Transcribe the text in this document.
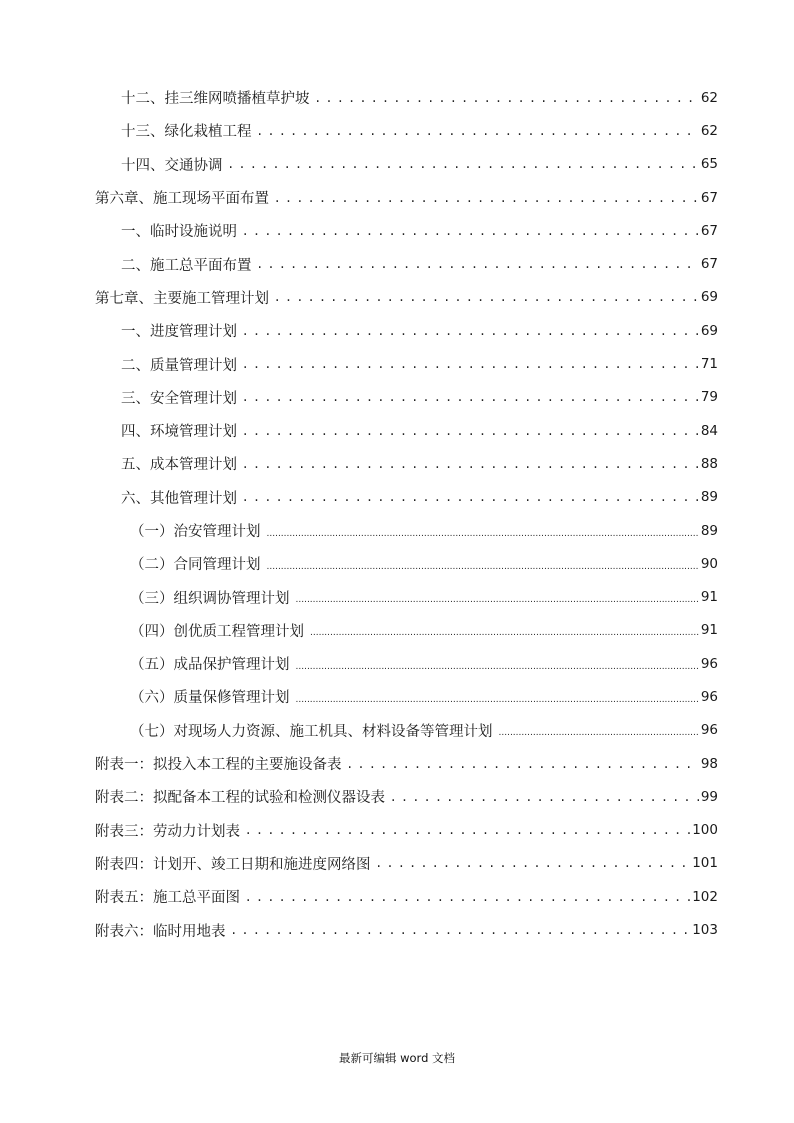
十二、挂三维网喷播植草护坡 . . .	62
十三、绿化栽植工程 . . .	62
十四、交通协调 . . .	65
第六章、施工现场平面布置 . . .	67
一、临时设施说明 . . .	67
二、施工总平面布置 . . .	67
第七章、主要施工管理计划 . . .	69
一、进度管理计划 . . .	69
二、质量管理计划 . . .	71
三、安全管理计划 . . .	79
四、环境管理计划 . . .	84
五、成本管理计划 . . .	88
六、其他管理计划 . . .	89
（一）治安管理计划 .....	89
（二）合同管理计划 .....	90
（三）组织调协管理计划 .....	91
（四）创优质工程管理计划 .....	91
（五）成品保护管理计划 .....	96
（六）质量保修管理计划 .....	96
（七）对现场人力资源、施工机具、材料设备等管理计划 .....	96
附表一：拟投入本工程的主要施设备表 . . .	98
附表二：拟配备本工程的试验和检测仪器设表 . . .	99
附表三：劳动力计划表 . . .	100
附表四：计划开、竣工日期和施进度网络图 . . .	101
附表五：施工总平面图 . . .	102
附表六：临时用地表 . . .	103
最新可编辑 word 文档
